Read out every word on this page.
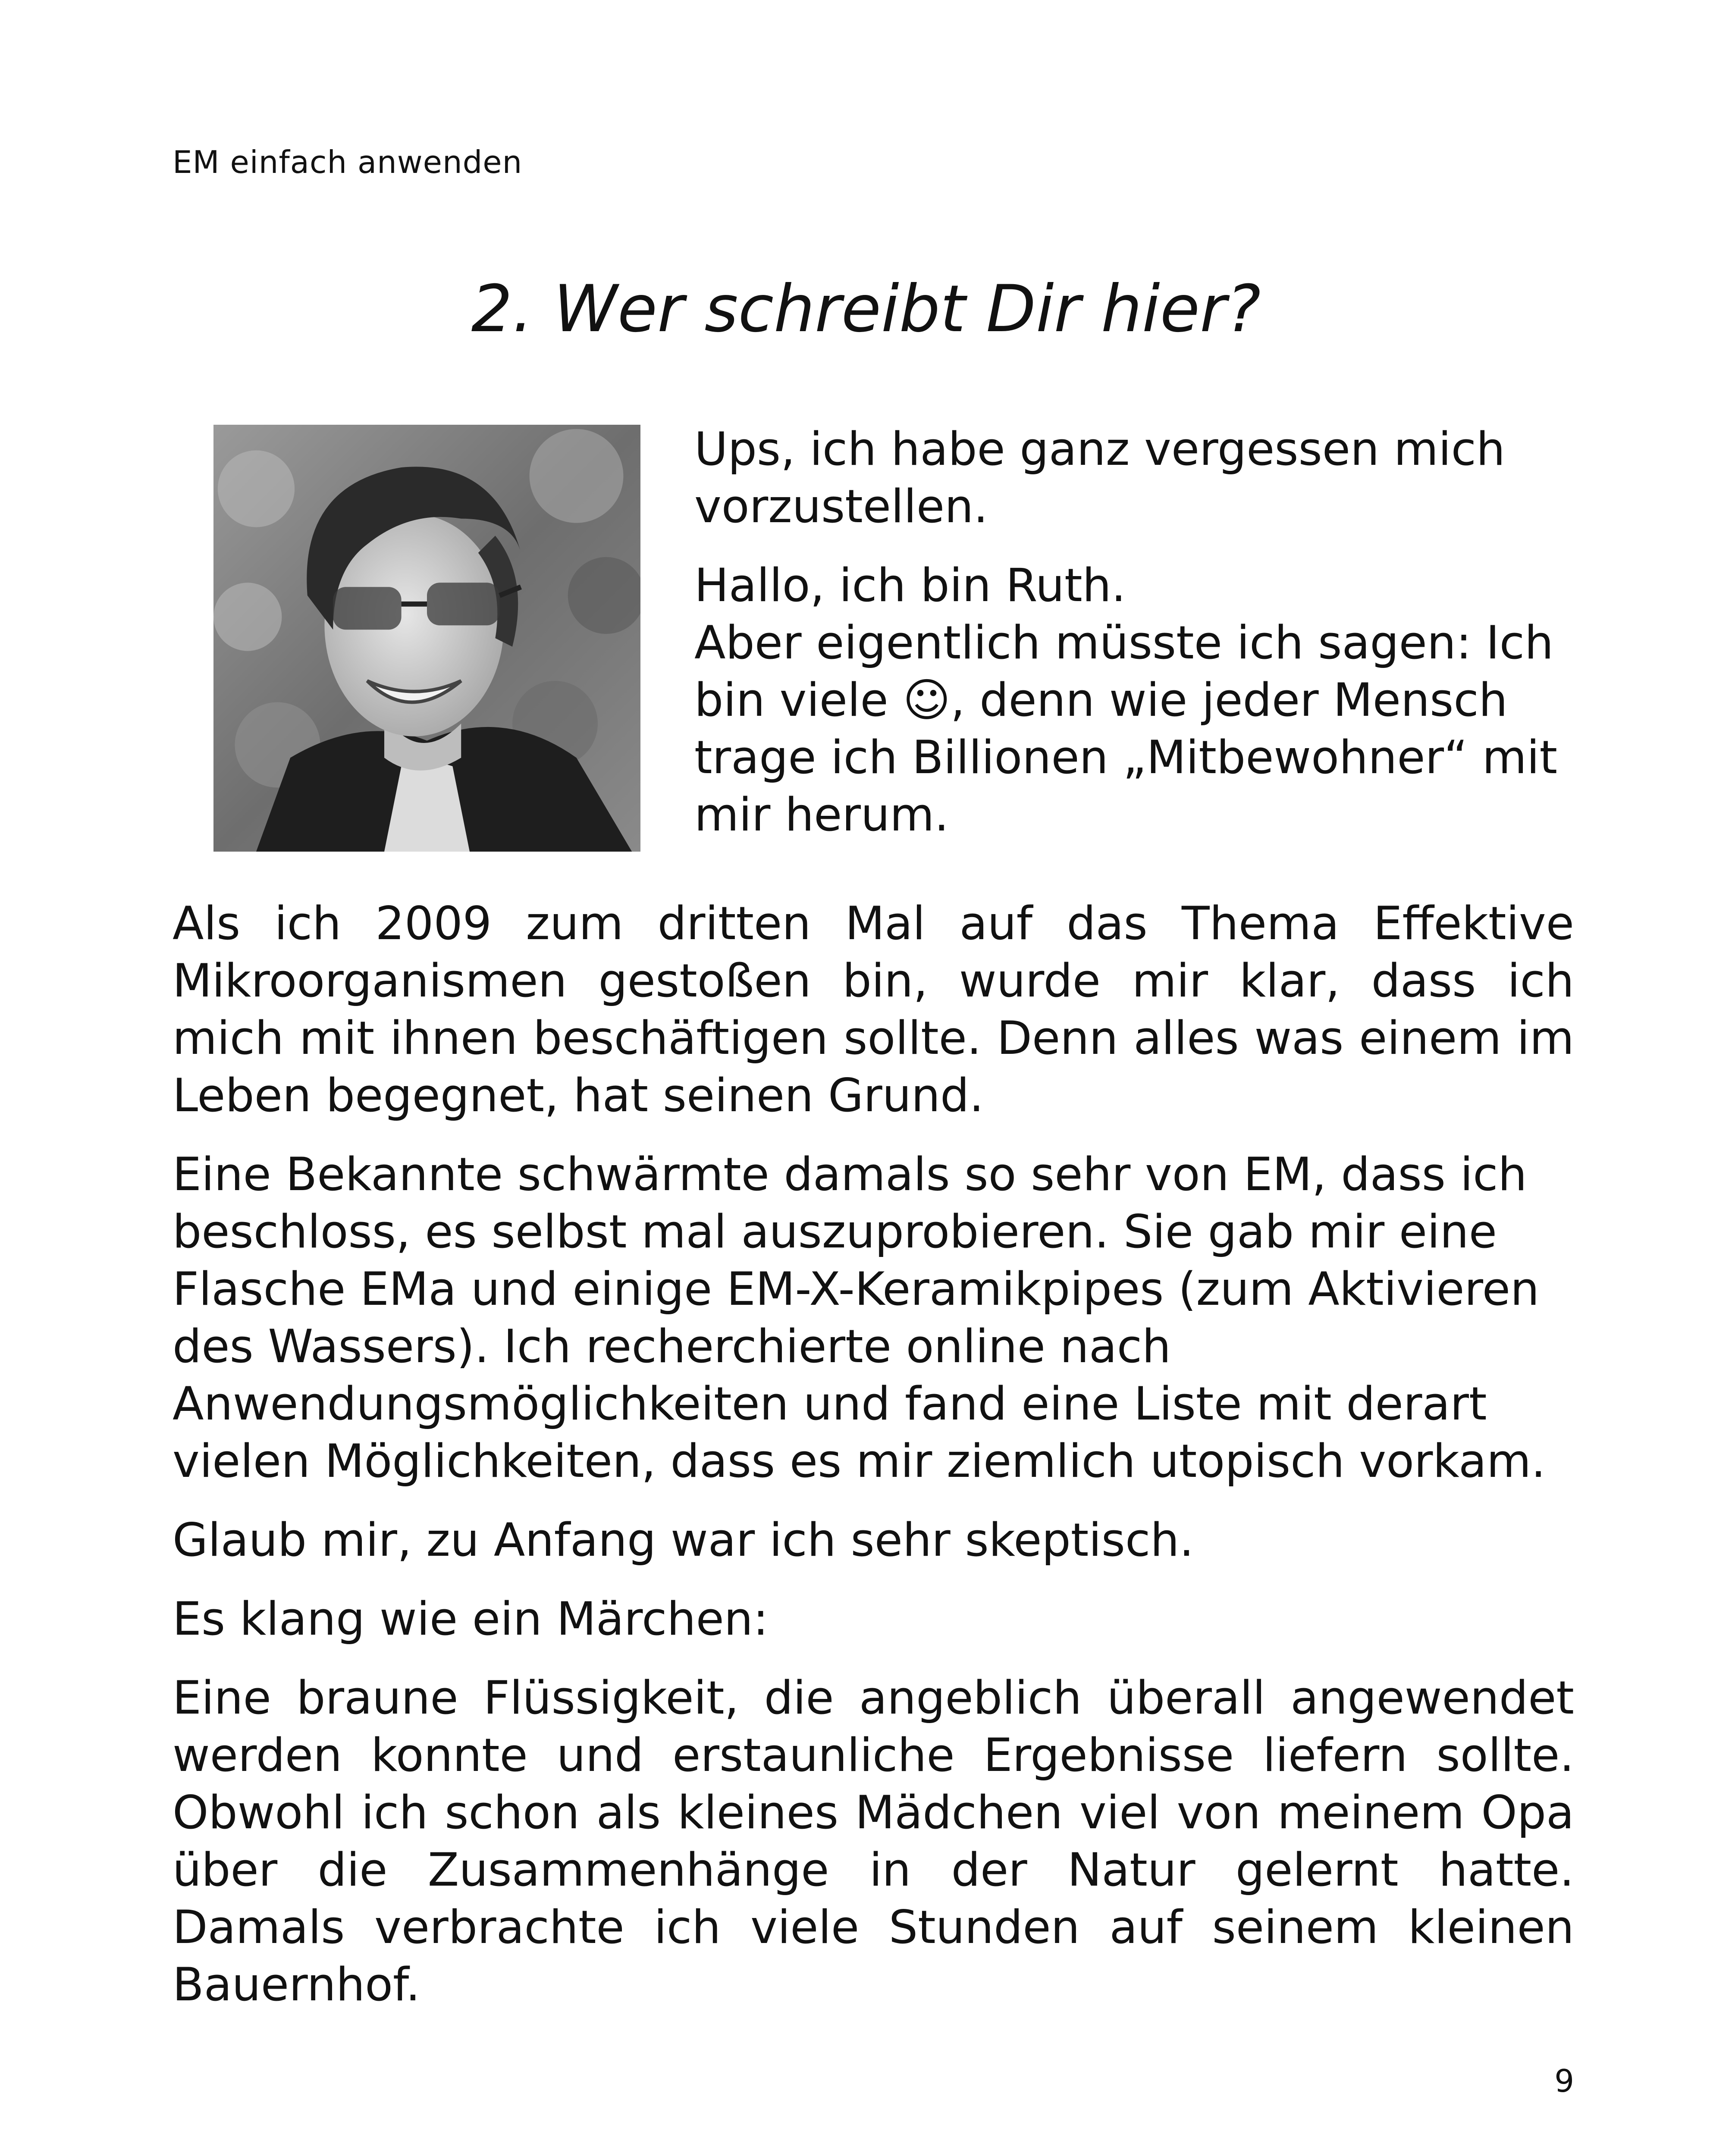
EM einfach anwenden
2. Wer schreibt Dir hier?

Ups, ich habe ganz vergessen mich vorzustellen.

Hallo, ich bin Ruth.
Aber eigentlich müsste ich sagen: Ich bin viele ☺, denn wie jeder Mensch trage ich Billionen „Mitbewohner“ mit mir herum.

Als ich 2009 zum dritten Mal auf das Thema Effektive Mikroorganismen gestoßen bin, wurde mir klar, dass ich mich mit ihnen beschäftigen sollte. Denn alles was einem im Leben begegnet, hat seinen Grund.

Eine Bekannte schwärmte damals so sehr von EM, dass ich beschloss, es selbst mal auszuprobieren. Sie gab mir eine Flasche EMa und einige EM-X-Keramikpipes (zum Aktivieren des Wassers). Ich recherchierte online nach Anwendungsmöglichkeiten und fand eine Liste mit derart vielen Möglichkeiten, dass es mir ziemlich utopisch vorkam.

Glaub mir, zu Anfang war ich sehr skeptisch.

Es klang wie ein Märchen:

Eine braune Flüssigkeit, die angeblich überall angewendet werden konnte und erstaunliche Ergebnisse liefern sollte. Obwohl ich schon als kleines Mädchen viel von meinem Opa über die Zusammenhänge in der Natur gelernt hatte. Damals verbrachte ich viele Stunden auf seinem kleinen Bauernhof.

9
